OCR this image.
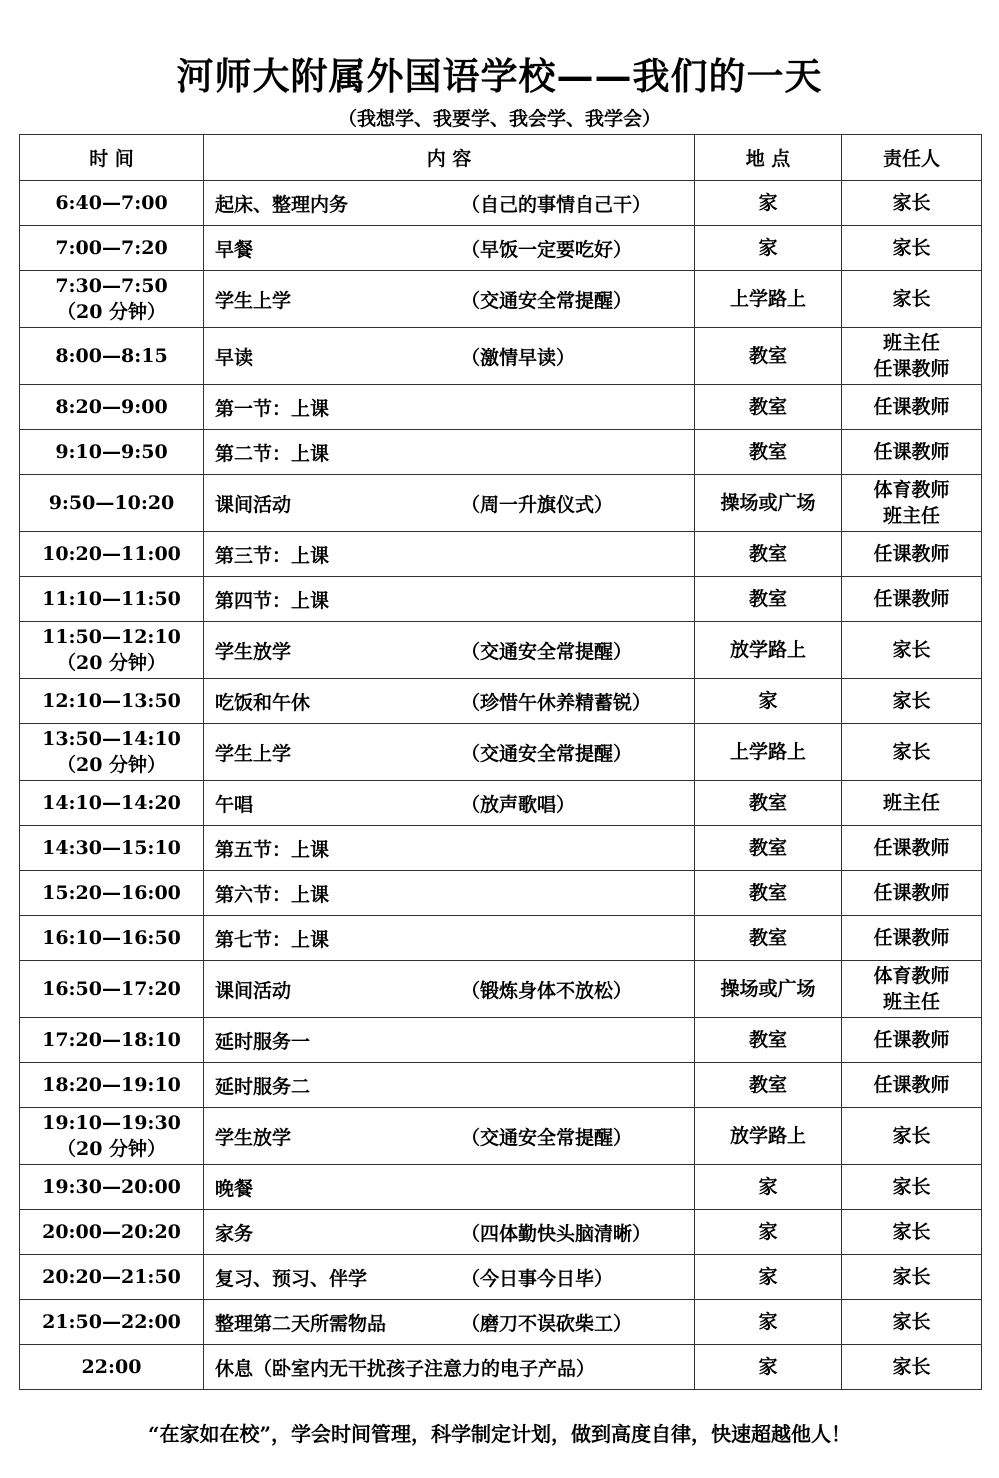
河师大附属外国语学校——我们的一天
（我想学、我要学、我会学、我学会）
时 间	内 容	地 点	责任人

6:40—7:00	起床、整理内务 （自己的事情自己干）	家	家长

7:00—7:20	早餐 （早饭一定要吃好）	家	家长

7:30—7:50
（20 分钟）	学生上学 （交通安全常提醒）	上学路上	家长

8:00—8:15	早读 （激情早读）	教室	班主任
任课教师

8:20—9:00	第一节：上课	教室	任课教师

9:10—9:50	第二节：上课	教室	任课教师

9:50—10:20	课间活动 （周一升旗仪式）	操场或广场	体育教师
班主任

10:20—11:00	第三节：上课	教室	任课教师

11:10—11:50	第四节：上课	教室	任课教师

11:50—12:10
（20 分钟）	学生放学 （交通安全常提醒）	放学路上	家长

12:10—13:50	吃饭和午休 （珍惜午休养精蓄锐）	家	家长

13:50—14:10
（20 分钟）	学生上学 （交通安全常提醒）	上学路上	家长

14:10—14:20	午唱 （放声歌唱）	教室	班主任

14:30—15:10	第五节：上课	教室	任课教师

15:20—16:00	第六节：上课	教室	任课教师

16:10—16:50	第七节：上课	教室	任课教师

16:50—17:20	课间活动 （锻炼身体不放松）	操场或广场	体育教师
班主任

17:20—18:10	延时服务一	教室	任课教师

18:20—19:10	延时服务二	教室	任课教师

19:10—19:30
（20 分钟）	学生放学 （交通安全常提醒）	放学路上	家长

19:30—20:00	晚餐	家	家长

20:00—20:20	家务 （四体勤快头脑清晰）	家	家长

20:20—21:50	复习、预习、伴学 （今日事今日毕）	家	家长

21:50—22:00	整理第二天所需物品 （磨刀不误砍柴工）	家	家长

22:00	休息（卧室内无干扰孩子注意力的电子产品）	家	家长
“在家如在校”，学会时间管理，科学制定计划，做到高度自律，快速超越他人！
